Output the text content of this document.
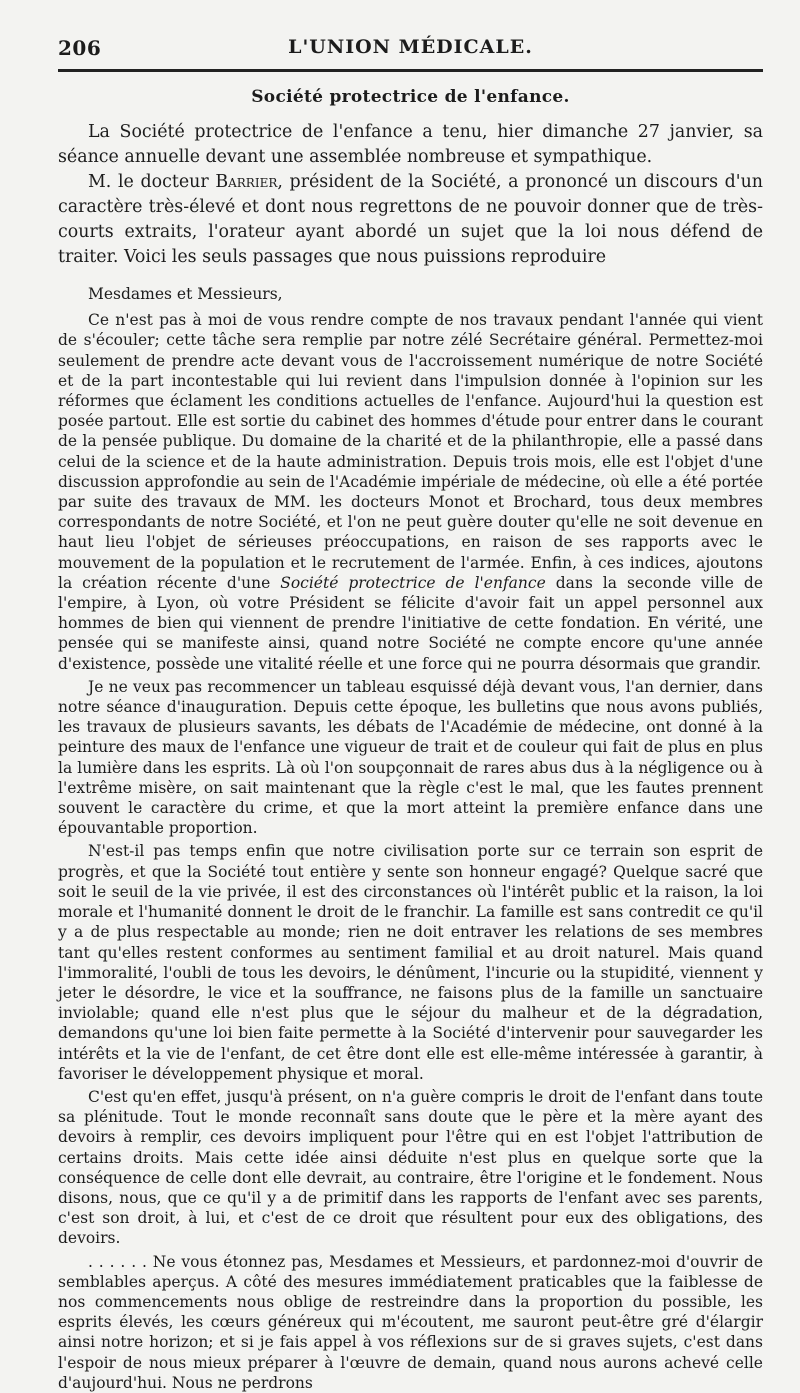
206	L'UNION MÉDICALE.
Société protectrice de l'enfance.

La Société protectrice de l'enfance a tenu, hier dimanche 27 janvier, sa séance annuelle devant une assemblée nombreuse et sympathique.

M. le docteur Barrier, président de la Société, a prononcé un discours d'un caractère très-élevé et dont nous regrettons de ne pouvoir donner que de très-courts extraits, l'orateur ayant abordé un sujet que la loi nous défend de traiter. Voici les seuls passages que nous puissions reproduire

Mesdames et Messieurs,

Ce n'est pas à moi de vous rendre compte de nos travaux pendant l'année qui vient de s'écouler; cette tâche sera remplie par notre zélé Secrétaire général. Permettez-moi seulement de prendre acte devant vous de l'accroissement numérique de notre Société et de la part incontestable qui lui revient dans l'impulsion donnée à l'opinion sur les réformes que éclament les conditions actuelles de l'enfance. Aujourd'hui la question est posée partout. Elle est sortie du cabinet des hommes d'étude pour entrer dans le courant de la pensée publique. Du domaine de la charité et de la philanthropie, elle a passé dans celui de la science et de la haute administration. Depuis trois mois, elle est l'objet d'une discussion approfondie au sein de l'Académie impériale de médecine, où elle a été portée par suite des travaux de MM. les docteurs Monot et Brochard, tous deux membres correspondants de notre Société, et l'on ne peut guère douter qu'elle ne soit devenue en haut lieu l'objet de sérieuses préoccupations, en raison de ses rapports avec le mouvement de la population et le recrutement de l'armée. Enfin, à ces indices, ajoutons la création récente d'une Société protectrice de l'enfance dans la seconde ville de l'empire, à Lyon, où votre Président se félicite d'avoir fait un appel personnel aux hommes de bien qui viennent de prendre l'initiative de cette fondation. En vérité, une pensée qui se manifeste ainsi, quand notre Société ne compte encore qu'une année d'existence, possède une vitalité réelle et une force qui ne pourra désormais que grandir.

Je ne veux pas recommencer un tableau esquissé déjà devant vous, l'an dernier, dans notre séance d'inauguration. Depuis cette époque, les bulletins que nous avons publiés, les travaux de plusieurs savants, les débats de l'Académie de médecine, ont donné à la peinture des maux de l'enfance une vigueur de trait et de couleur qui fait de plus en plus la lumière dans les esprits. Là où l'on soupçonnait de rares abus dus à la négligence ou à l'extrême misère, on sait maintenant que la règle c'est le mal, que les fautes prennent souvent le caractère du crime, et que la mort atteint la première enfance dans une épouvantable proportion.

N'est-il pas temps enfin que notre civilisation porte sur ce terrain son esprit de progrès, et que la Société tout entière y sente son honneur engagé? Quelque sacré que soit le seuil de la vie privée, il est des circonstances où l'intérêt public et la raison, la loi morale et l'humanité donnent le droit de le franchir. La famille est sans contredit ce qu'il y a de plus respectable au monde; rien ne doit entraver les relations de ses membres tant qu'elles restent conformes au sentiment familial et au droit naturel. Mais quand l'immoralité, l'oubli de tous les devoirs, le dénûment, l'incurie ou la stupidité, viennent y jeter le désordre, le vice et la souffrance, ne faisons plus de la famille un sanctuaire inviolable; quand elle n'est plus que le séjour du malheur et de la dégradation, demandons qu'une loi bien faite permette à la Société d'intervenir pour sauvegarder les intérêts et la vie de l'enfant, de cet être dont elle est elle-même intéressée à garantir, à favoriser le développement physique et moral.

C'est qu'en effet, jusqu'à présent, on n'a guère compris le droit de l'enfant dans toute sa plénitude. Tout le monde reconnaît sans doute que le père et la mère ayant des devoirs à remplir, ces devoirs impliquent pour l'être qui en est l'objet l'attribution de certains droits. Mais cette idée ainsi déduite n'est plus en quelque sorte que la conséquence de celle dont elle devrait, au contraire, être l'origine et le fondement. Nous disons, nous, que ce qu'il y a de primitif dans les rapports de l'enfant avec ses parents, c'est son droit, à lui, et c'est de ce droit que résultent pour eux des obligations, des devoirs.

. . . . . . Ne vous étonnez pas, Mesdames et Messieurs, et pardonnez-moi d'ouvrir de semblables aperçus. A côté des mesures immédiatement praticables que la faiblesse de nos commencements nous oblige de restreindre dans la proportion du possible, les esprits élevés, les cœurs généreux qui m'écoutent, me sauront peut-être gré d'élargir ainsi notre horizon; et si je fais appel à vos réflexions sur de si graves sujets, c'est dans l'espoir de nous mieux préparer à l'œuvre de demain, quand nous aurons achevé celle d'aujourd'hui. Nous ne perdrons
